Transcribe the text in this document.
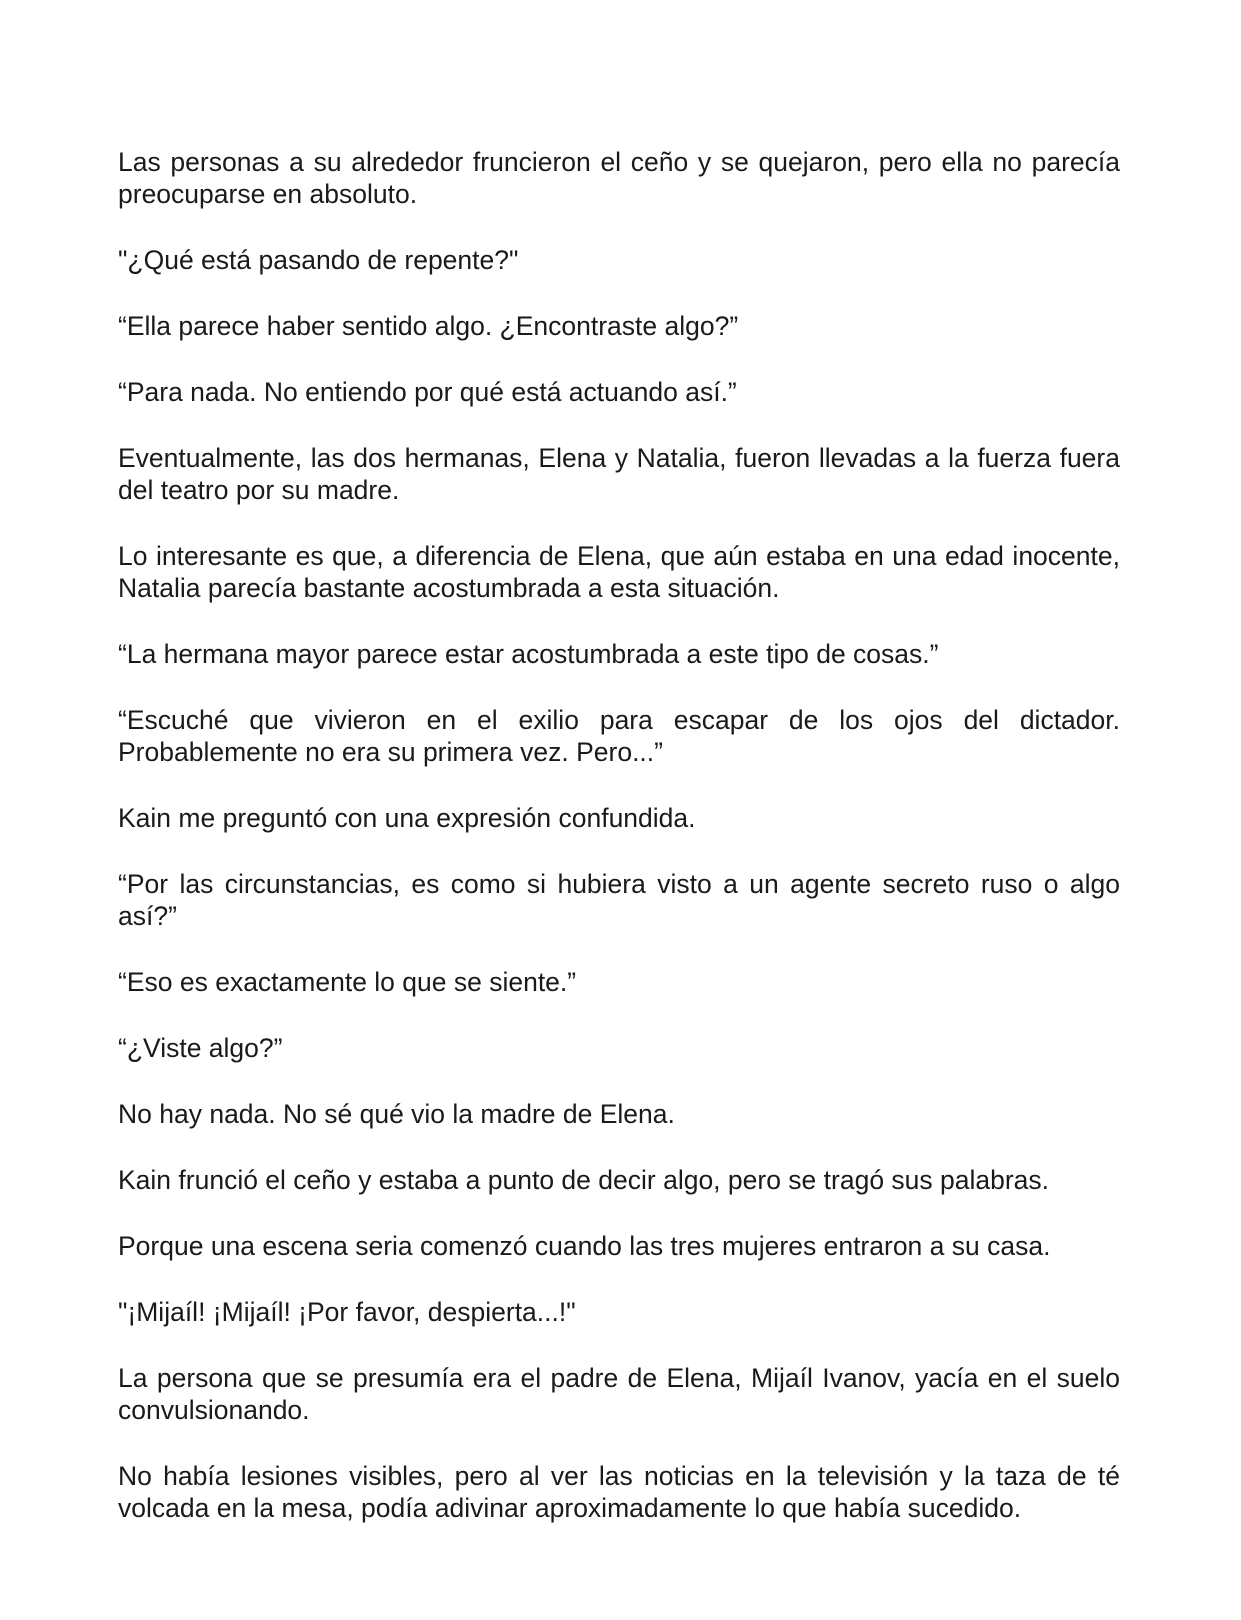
Las personas a su alrededor fruncieron el ceño y se quejaron, pero ella no parecía preocuparse en absoluto.

"¿Qué está pasando de repente?"

“Ella parece haber sentido algo. ¿Encontraste algo?”

“Para nada. No entiendo por qué está actuando así.”

Eventualmente, las dos hermanas, Elena y Natalia, fueron llevadas a la fuerza fuera del teatro por su madre.

Lo interesante es que, a diferencia de Elena, que aún estaba en una edad inocente, Natalia parecía bastante acostumbrada a esta situación.

“La hermana mayor parece estar acostumbrada a este tipo de cosas.”

“Escuché que vivieron en el exilio para escapar de los ojos del dictador. Probablemente no era su primera vez. Pero...”

Kain me preguntó con una expresión confundida.

“Por las circunstancias, es como si hubiera visto a un agente secreto ruso o algo así?”

“Eso es exactamente lo que se siente.”

“¿Viste algo?”

No hay nada. No sé qué vio la madre de Elena.

Kain frunció el ceño y estaba a punto de decir algo, pero se tragó sus palabras.

Porque una escena seria comenzó cuando las tres mujeres entraron a su casa.

"¡Mijaíl! ¡Mijaíl! ¡Por favor, despierta...!"

La persona que se presumía era el padre de Elena, Mijaíl Ivanov, yacía en el suelo convulsionando.

No había lesiones visibles, pero al ver las noticias en la televisión y la taza de té volcada en la mesa, podía adivinar aproximadamente lo que había sucedido.
